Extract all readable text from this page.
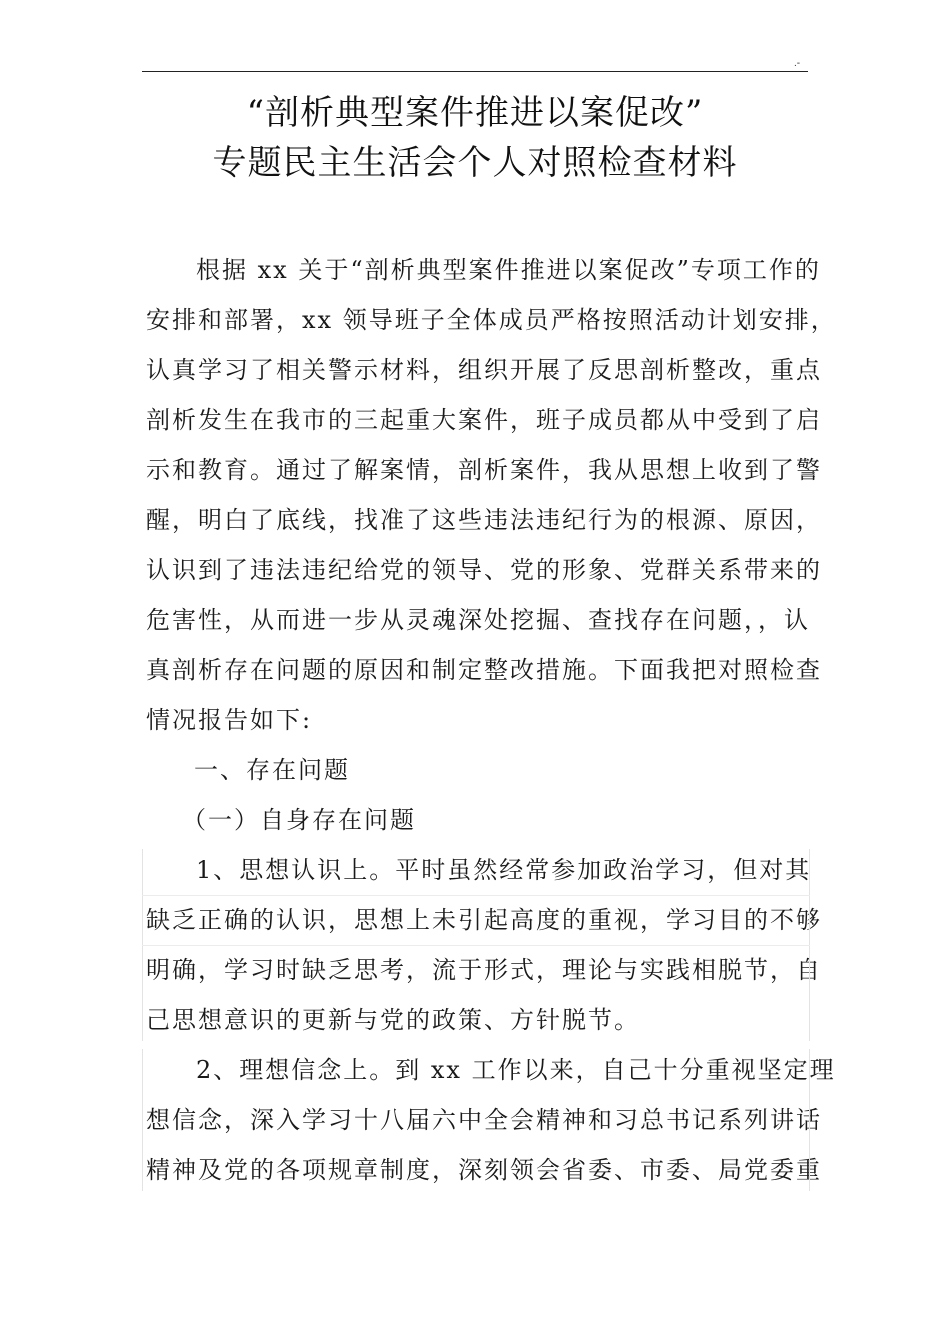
.-
“剖析典型案件推进以案促改”
专题民主生活会个人对照检查材料
根据 xx 关于“剖析典型案件推进以案促改”专项工作的
安排和部署，xx 领导班子全体成员严格按照活动计划安排，
认真学习了相关警示材料，组织开展了反思剖析整改，重点
剖析发生在我市的三起重大案件，班子成员都从中受到了启
示和教育。通过了解案情，剖析案件，我从思想上收到了警
醒，明白了底线，找准了这些违法违纪行为的根源、原因，
认识到了违法违纪给党的领导、党的形象、党群关系带来的
危害性，从而进一步从灵魂深处挖掘、查找存在问题，，认
真剖析存在问题的原因和制定整改措施。下面我把对照检查
情况报告如下:

一、存在问题

（一）自身存在问题

1、思想认识上。平时虽然经常参加政治学习，但对其
缺乏正确的认识，思想上未引起高度的重视，学习目的不够
明确，学习时缺乏思考，流于形式，理论与实践相脱节，自
己思想意识的更新与党的政策、方针脱节。
2、理想信念上。到 xx 工作以来，自己十分重视坚定理
想信念，深入学习十八届六中全会精神和习总书记系列讲话
精神及党的各项规章制度，深刻领会省委、市委、局党委重
